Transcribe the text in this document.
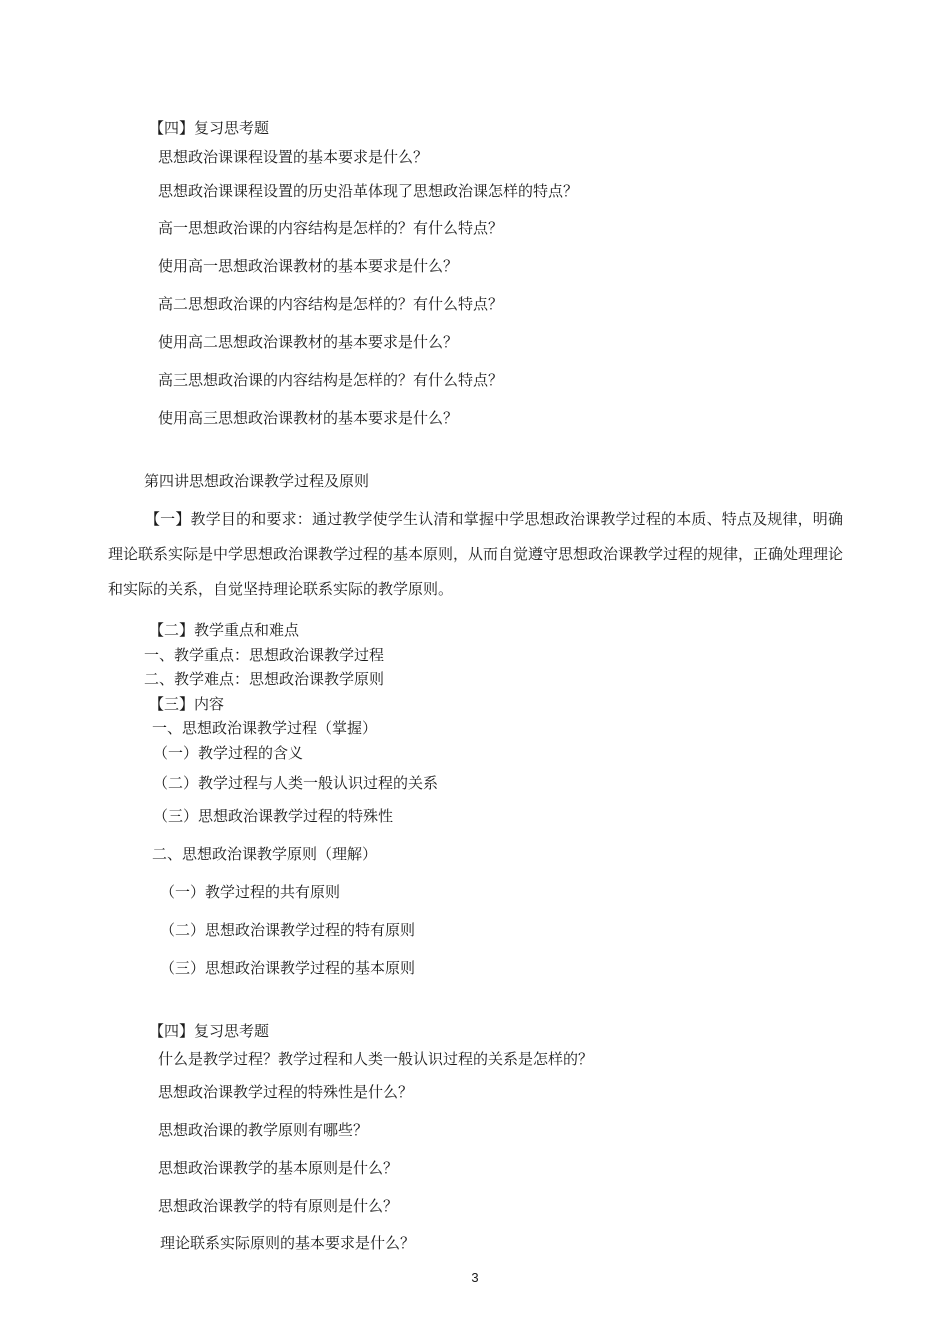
【四】复习思考题
思想政治课课程设置的基本要求是什么？
思想政治课课程设置的历史沿革体现了思想政治课怎样的特点？
高一思想政治课的内容结构是怎样的？有什么特点？
使用高一思想政治课教材的基本要求是什么？
高二思想政治课的内容结构是怎样的？有什么特点？
使用高二思想政治课教材的基本要求是什么？
高三思想政治课的内容结构是怎样的？有什么特点？
使用高三思想政治课教材的基本要求是什么？
第四讲思想政治课教学过程及原则
【一】教学目的和要求：通过教学使学生认清和掌握中学思想政治课教学过程的本质、特点及规律，明确理论联系实际是中学思想政治课教学过程的基本原则，从而自觉遵守思想政治课教学过程的规律，正确处理理论和实际的关系，自觉坚持理论联系实际的教学原则。
【二】教学重点和难点
一、教学重点：思想政治课教学过程
二、教学难点：思想政治课教学原则
【三】内容
一、思想政治课教学过程（掌握）
（一）教学过程的含义
（二）教学过程与人类一般认识过程的关系
（三）思想政治课教学过程的特殊性
二、思想政治课教学原则（理解）
（一）教学过程的共有原则
（二）思想政治课教学过程的特有原则
（三）思想政治课教学过程的基本原则
【四】复习思考题
什么是教学过程？教学过程和人类一般认识过程的关系是怎样的？
思想政治课教学过程的特殊性是什么？
思想政治课的教学原则有哪些？
思想政治课教学的基本原则是什么？
思想政治课教学的特有原则是什么？
理论联系实际原则的基本要求是什么？
3
